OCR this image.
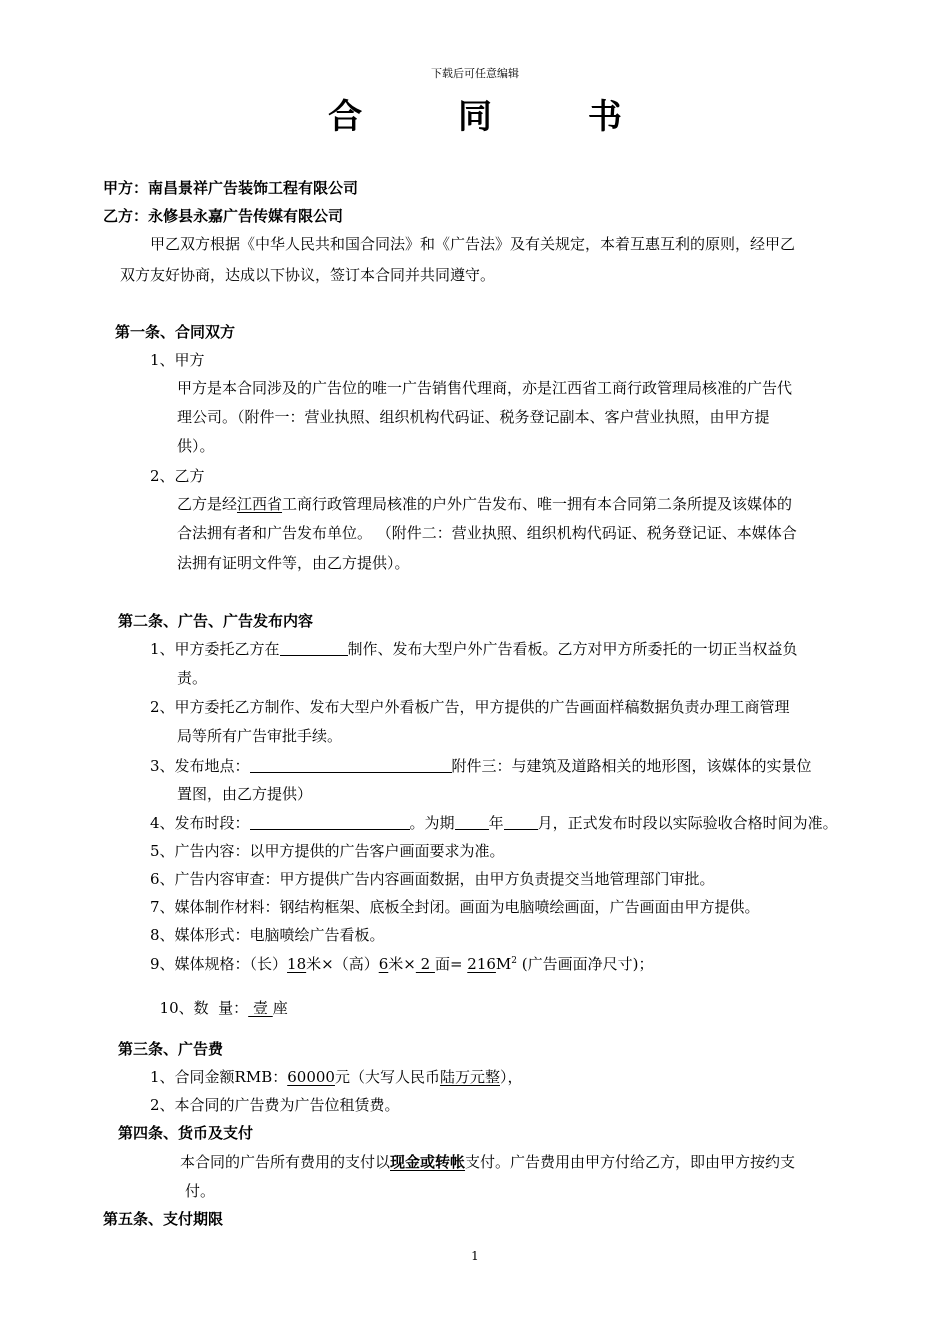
下载后可任意编辑
合 同 书
甲方：南昌景祥广告装饰工程有限公司
乙方：永修县永嘉广告传媒有限公司
甲乙双方根据《中华人民共和国合同法》和《广告法》及有关规定，本着互惠互利的原则，经甲乙
双方友好协商，达成以下协议，签订本合同并共同遵守。
第一条、合同双方
1、甲方
甲方是本合同涉及的广告位的唯一广告销售代理商，亦是江西省工商行政管理局核准的广告代
理公司。（附件一：营业执照、组织机构代码证、税务登记副本、客户营业执照，由甲方提
供）。
2、乙方
乙方是经江西省工商行政管理局核准的户外广告发布、唯一拥有本合同第二条所提及该媒体的
合法拥有者和广告发布单位。 （附件二：营业执照、组织机构代码证、税务登记证、本媒体合
法拥有证明文件等，由乙方提供）。
第二条、广告、广告发布内容
1、甲方委托乙方在	制作、发布大型户外广告看板。乙方对甲方所委托的一切正当权益负
责。
2、甲方委托乙方制作、发布大型户外看板广告，甲方提供的广告画面样稿数据负责办理工商管理
局等所有广告审批手续。
3、发布地点：	附件三：与建筑及道路相关的地形图，该媒体的实景位
置图，由乙方提供）
4、发布时段：	。为期 年 月，正式发布时段以实际验收合格时间为准。
5、广告内容：以甲方提供的广告客户画面要求为准。
6、广告内容审查：甲方提供广告内容画面数据，由甲方负责提交当地管理部门审批。
7、媒体制作材料：钢结构框架、底板全封闭。画面为电脑喷绘画面，广告画面由甲方提供。
8、媒体形式：电脑喷绘广告看板。
9、媒体规格：（长）18米×（高）6米× 2 面= $216M^2$ (广告画面净尺寸)；

10、数  量： 壹 座

第三条、广告费
1、合同金额RMB：60000元（大写人民币陆万元整），
2、本合同的广告费为广告位租赁费。
第四条、货币及支付
本合同的广告所有费用的支付以现金或转帐支付。广告费用由甲方付给乙方，即由甲方按约支
付。
第五条、支付期限
1
